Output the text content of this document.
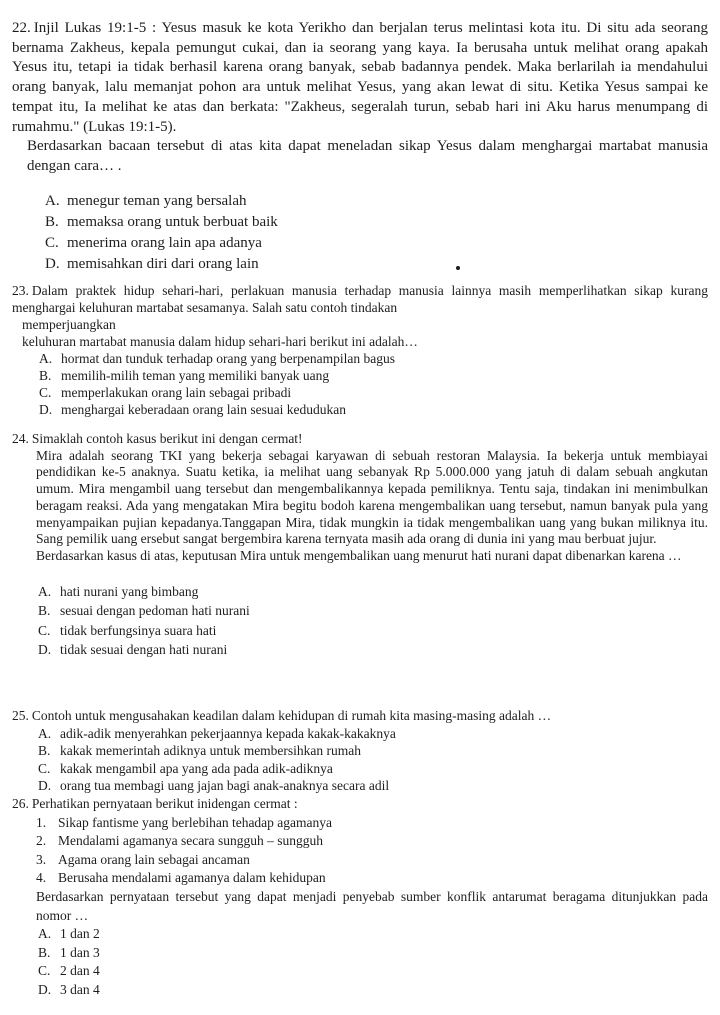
22. Injil Lukas 19:1-5 : Yesus masuk ke kota Yerikho dan berjalan terus melintasi kota itu. Di situ ada seorang bernama Zakheus, kepala pemungut cukai, dan ia seorang yang kaya. Ia berusaha untuk melihat orang apakah Yesus itu, tetapi ia tidak berhasil karena orang banyak, sebab badannya pendek. Maka berlarilah ia mendahului orang banyak, lalu memanjat pohon ara untuk melihat Yesus, yang akan lewat di situ. Ketika Yesus sampai ke tempat itu, Ia melihat ke atas dan berkata: "Zakheus, segeralah turun, sebab hari ini Aku harus menumpang di rumahmu." (Lukas 19:1-5).

Berdasarkan bacaan tersebut di atas kita dapat meneladan sikap Yesus dalam menghargai martabat manusia dengan cara… .

A. menegur teman yang bersalah
B. memaksa orang untuk berbuat baik
C. menerima orang lain apa adanya
D. memisahkan diri dari orang lain

23. Dalam praktek hidup sehari-hari, perlakuan manusia terhadap manusia lainnya masih memperlihatkan sikap kurang menghargai keluhuran martabat sesamanya. Salah satu contoh tindakan

memperjuangkan

keluhuran martabat manusia dalam hidup sehari-hari berikut ini adalah…

A. hormat dan tunduk terhadap orang yang berpenampilan bagus
B. memilih-milih teman yang memiliki banyak uang
C. memperlakukan orang lain sebagai pribadi
D. menghargai keberadaan orang lain sesuai kedudukan

24. Simaklah contoh kasus berikut ini dengan cermat!

Mira adalah seorang TKI yang bekerja sebagai karyawan di sebuah restoran Malaysia. Ia bekerja untuk membiayai pendidikan ke-5 anaknya. Suatu ketika, ia melihat uang sebanyak Rp 5.000.000 yang jatuh di dalam sebuah angkutan umum. Mira mengambil uang tersebut dan mengembalikannya kepada pemiliknya. Tentu saja, tindakan ini menimbulkan beragam reaksi. Ada yang mengatakan Mira begitu bodoh karena mengembalikan uang tersebut, namun banyak pula yang menyampaikan pujian kepadanya.Tanggapan Mira, tidak mungkin ia tidak mengembalikan uang yang bukan miliknya itu. Sang pemilik uang ersebut sangat bergembira karena ternyata masih ada orang di dunia ini yang mau berbuat jujur.

Berdasarkan kasus di atas, keputusan Mira untuk mengembalikan uang menurut hati nurani dapat dibenarkan karena …

A. hati nurani yang bimbang
B. sesuai dengan pedoman hati nurani
C. tidak berfungsinya suara hati
D. tidak sesuai dengan hati nurani

25. Contoh untuk mengusahakan keadilan dalam kehidupan di rumah kita masing-masing adalah …

A. adik-adik menyerahkan pekerjaannya kepada kakak-kakaknya
B. kakak memerintah adiknya untuk membersihkan rumah
C. kakak mengambil apa yang ada pada adik-adiknya
D. orang tua membagi uang jajan bagi anak-anaknya secara adil

26. Perhatikan pernyataan berikut inidengan cermat :

1. Sikap fantisme yang berlebihan tehadap agamanya
2. Mendalami agamanya secara sungguh – sungguh
3. Agama orang lain sebagai ancaman
4. Berusaha mendalami agamanya dalam kehidupan

Berdasarkan pernyataan tersebut yang dapat menjadi penyebab sumber konflik antarumat beragama ditunjukkan pada nomor …

A. 1 dan 2
B. 1 dan 3
C. 2 dan 4
D. 3 dan 4
